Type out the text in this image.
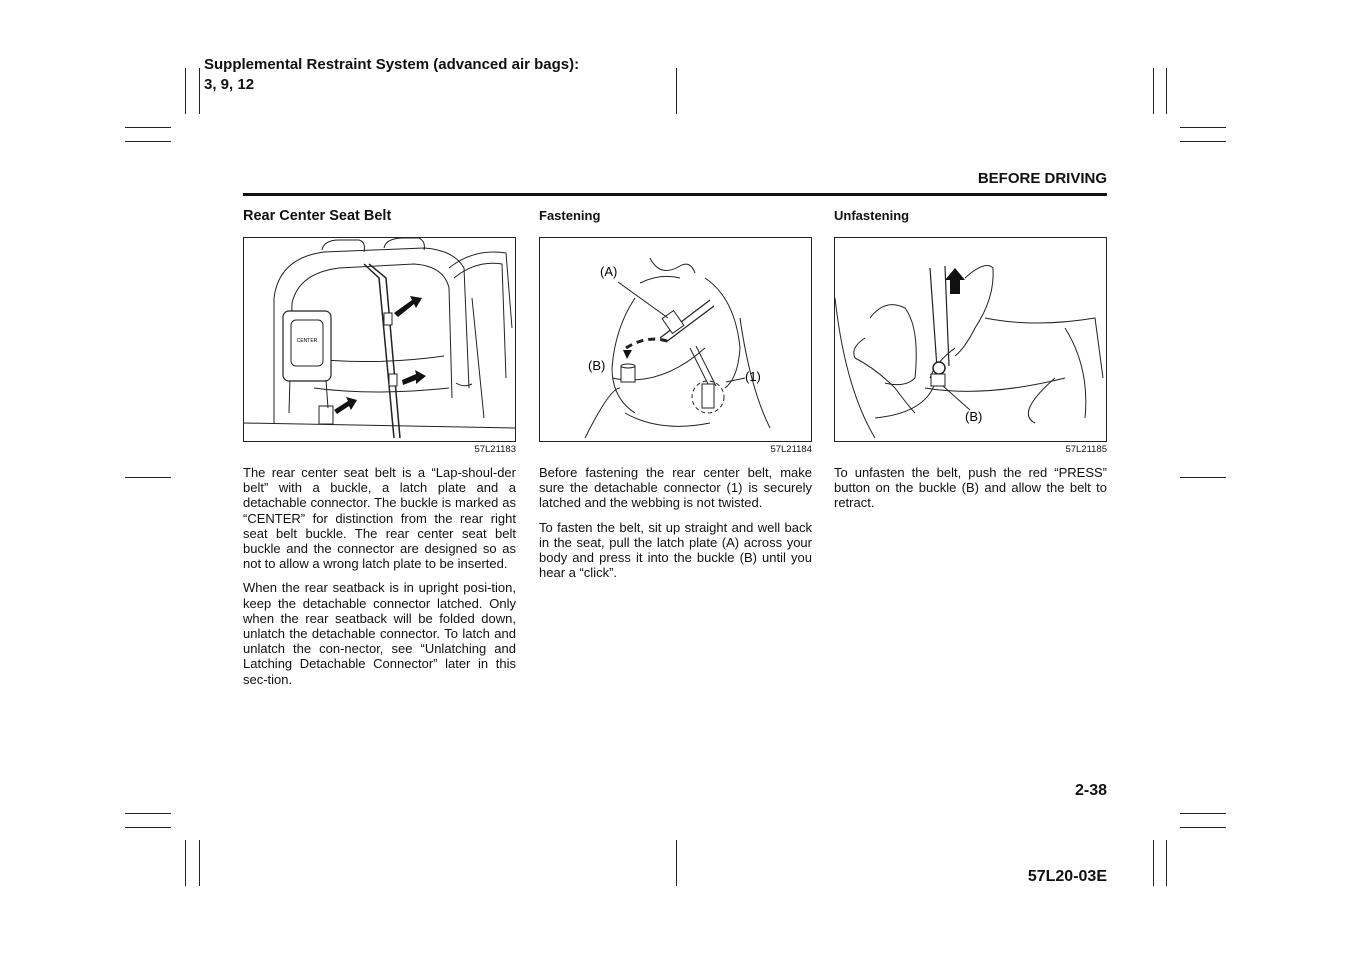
Supplemental Restraint System (advanced air bags):
3, 9, 12
BEFORE DRIVING
Rear Center Seat Belt
CENTER
57L21183

The rear center seat belt is a “Lap-shoul-der belt” with a buckle, a latch plate and a detachable connector. The buckle is marked as “CENTER” for distinction from the rear right seat belt buckle. The rear center seat belt buckle and the connector are designed so as not to allow a wrong latch plate to be inserted.

When the rear seatback is in upright posi-tion, keep the detachable connector latched. Only when the rear seatback will be folded down, unlatch the detachable connector. To latch and unlatch the con-nector, see “Unlatching and Latching Detachable Connector” later in this sec-tion.

Fastening
(A)
(B)
(1)
57L21184

Before fastening the rear center belt, make sure the detachable connector (1) is securely latched and the webbing is not twisted.

To fasten the belt, sit up straight and well back in the seat, pull the latch plate (A) across your body and press it into the buckle (B) until you hear a “click”.

Unfastening
(B)
57L21185

To unfasten the belt, push the red “PRESS” button on the buckle (B) and allow the belt to retract.

2-38
57L20-03E
